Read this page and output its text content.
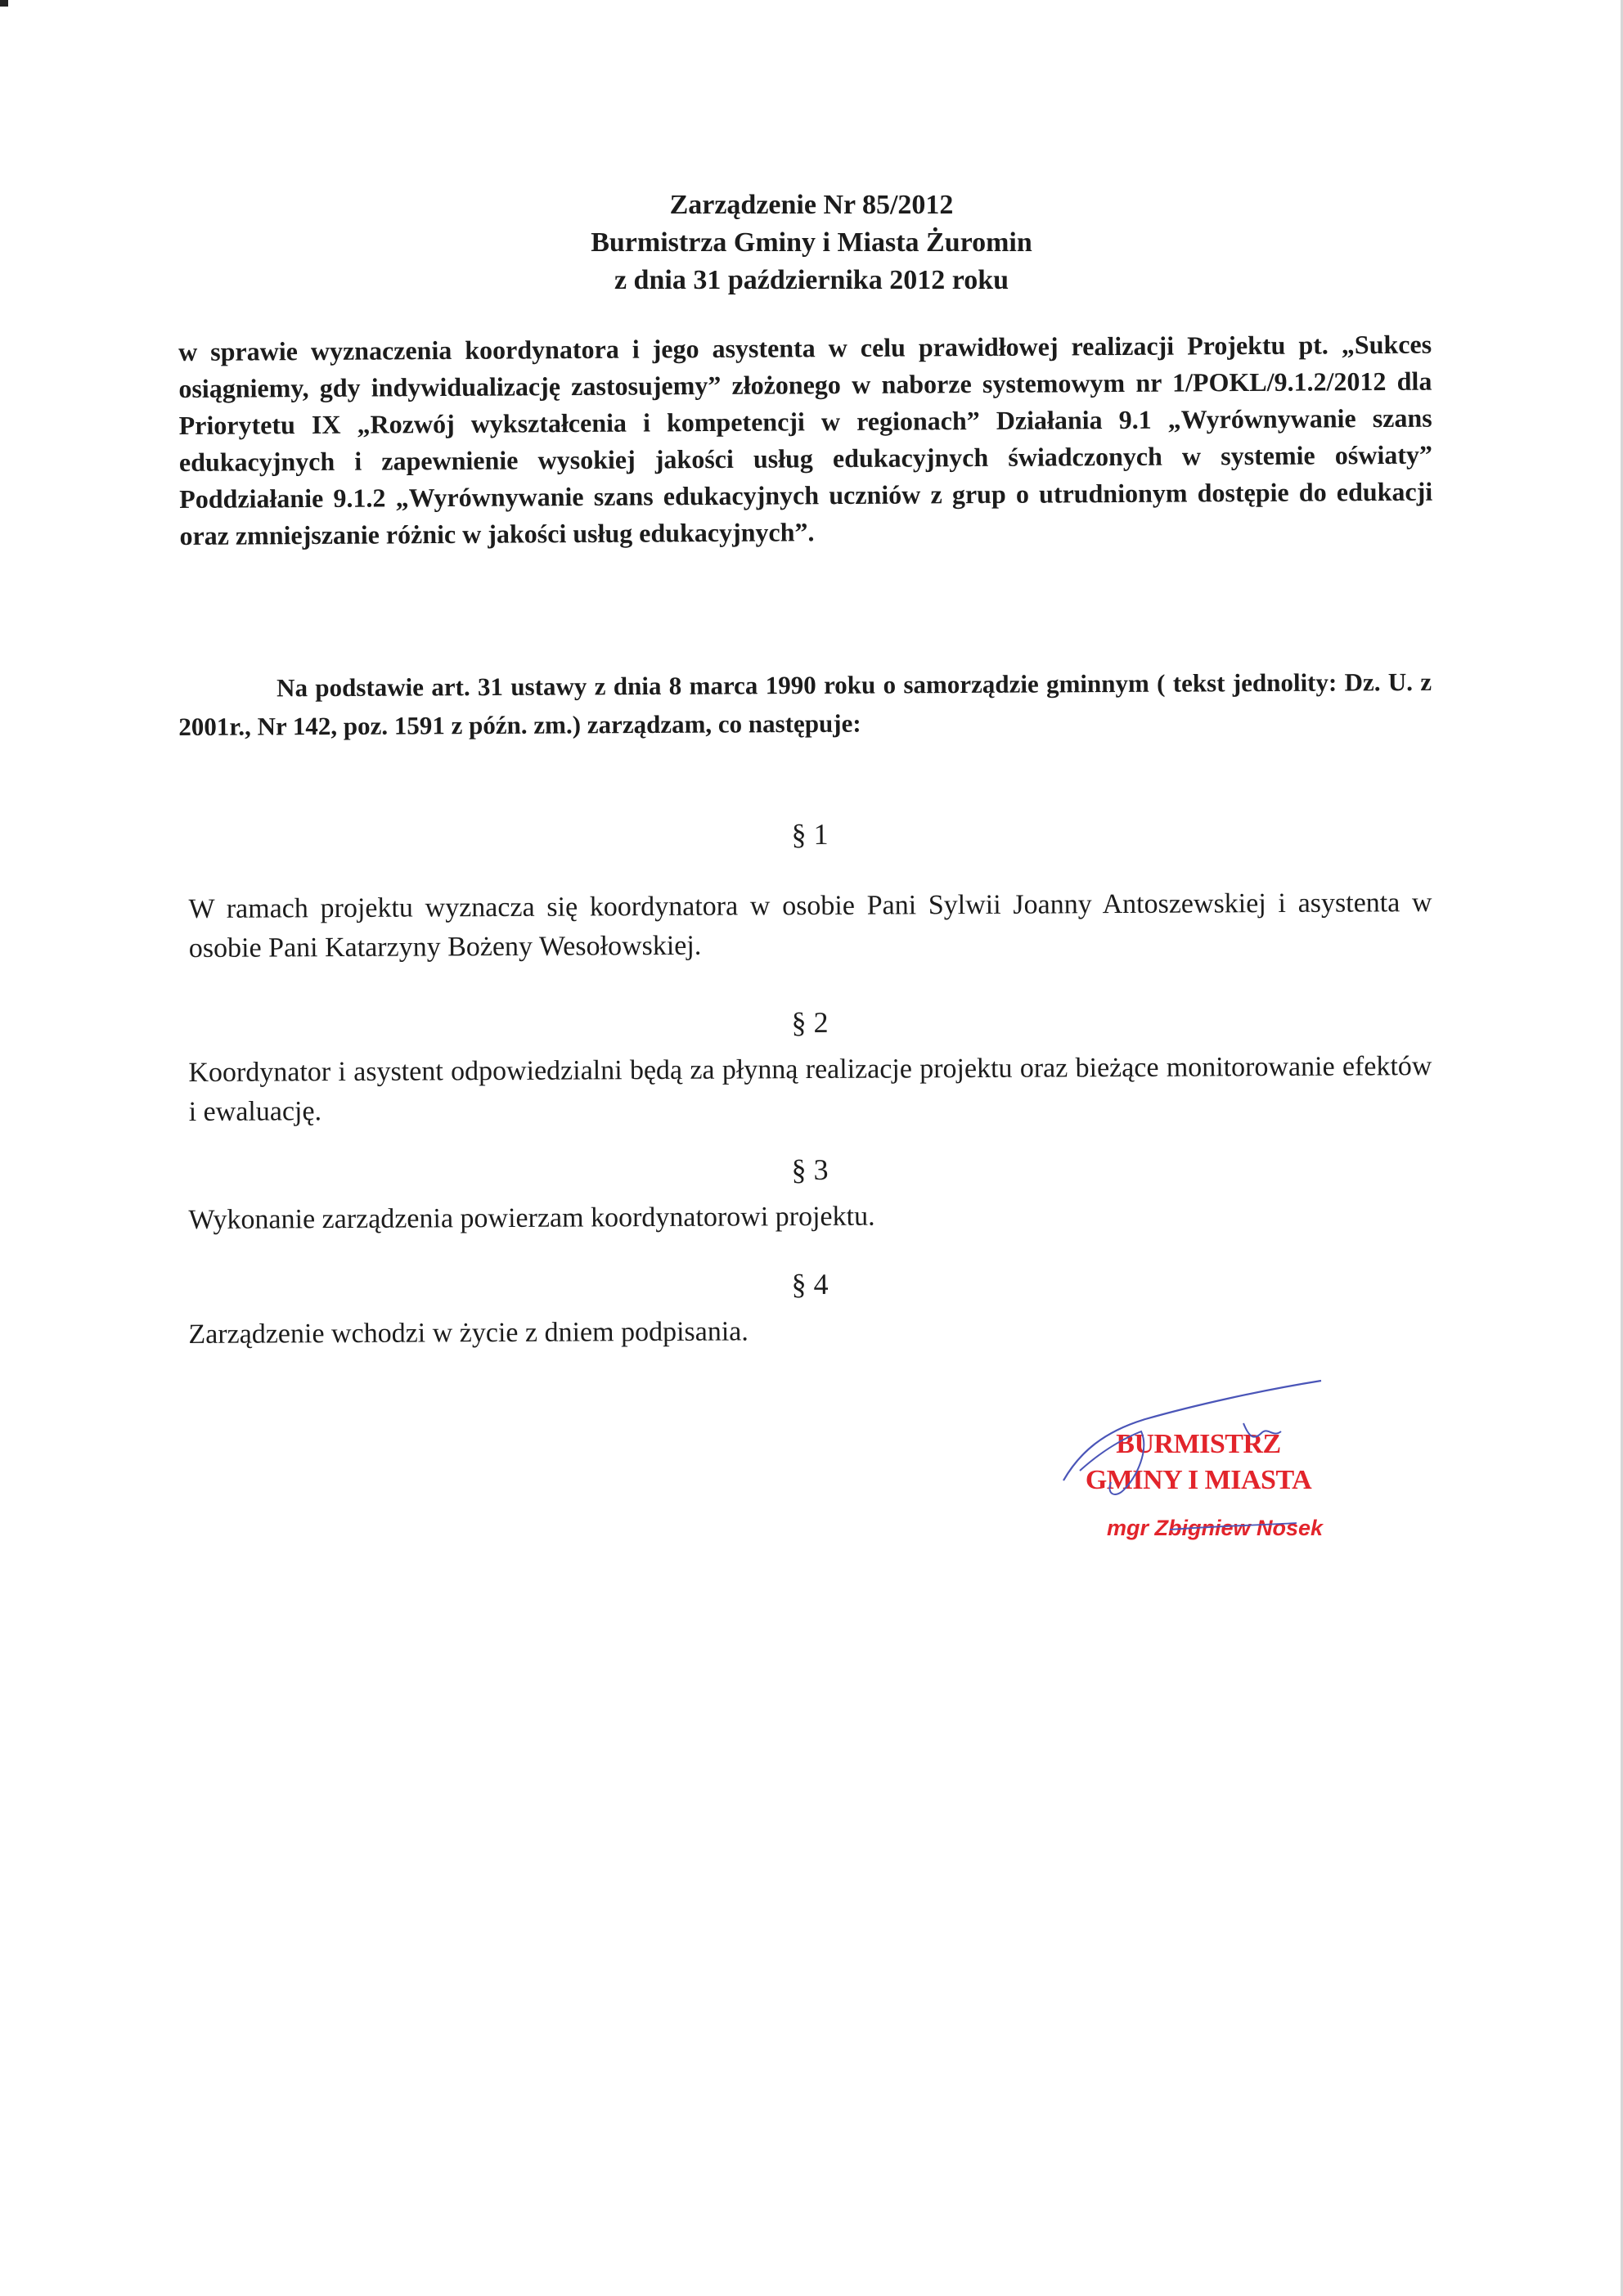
Zarządzenie Nr 85/2012
Burmistrza Gminy i Miasta Żuromin
z dnia 31 października 2012 roku
w sprawie wyznaczenia koordynatora i jego asystenta w celu prawidłowej realizacji Projektu pt. „Sukces osiągniemy, gdy indywidualizację zastosujemy” złożonego w naborze systemowym nr 1/POKL/9.1.2/2012 dla Priorytetu IX „Rozwój wykształcenia i kompetencji w regionach” Działania 9.1 „Wyrównywanie szans edukacyjnych i zapewnienie wysokiej jakości usług edukacyjnych świadczonych w systemie oświaty” Poddziałanie 9.1.2 „Wyrównywanie szans edukacyjnych uczniów z grup o utrudnionym dostępie do edukacji oraz zmniejszanie różnic w jakości usług edukacyjnych”.
Na podstawie art. 31 ustawy z dnia 8 marca 1990 roku o samorządzie gminnym ( tekst jednolity: Dz. U. z 2001r., Nr 142, poz. 1591 z późn. zm.) zarządzam, co następuje:
§ 1
W ramach projektu wyznacza się koordynatora w osobie Pani Sylwii Joanny Antoszewskiej i asystenta w osobie Pani Katarzyny Bożeny Wesołowskiej.
§ 2
Koordynator i asystent odpowiedzialni będą za płynną realizacje projektu oraz bieżące monitorowanie efektów i ewaluację.
§ 3
Wykonanie zarządzenia powierzam koordynatorowi projektu.
§ 4
Zarządzenie wchodzi w życie z dniem podpisania.
BURMISTRZ
GMINY I MIASTA
mgr Zbigniew Nosek
